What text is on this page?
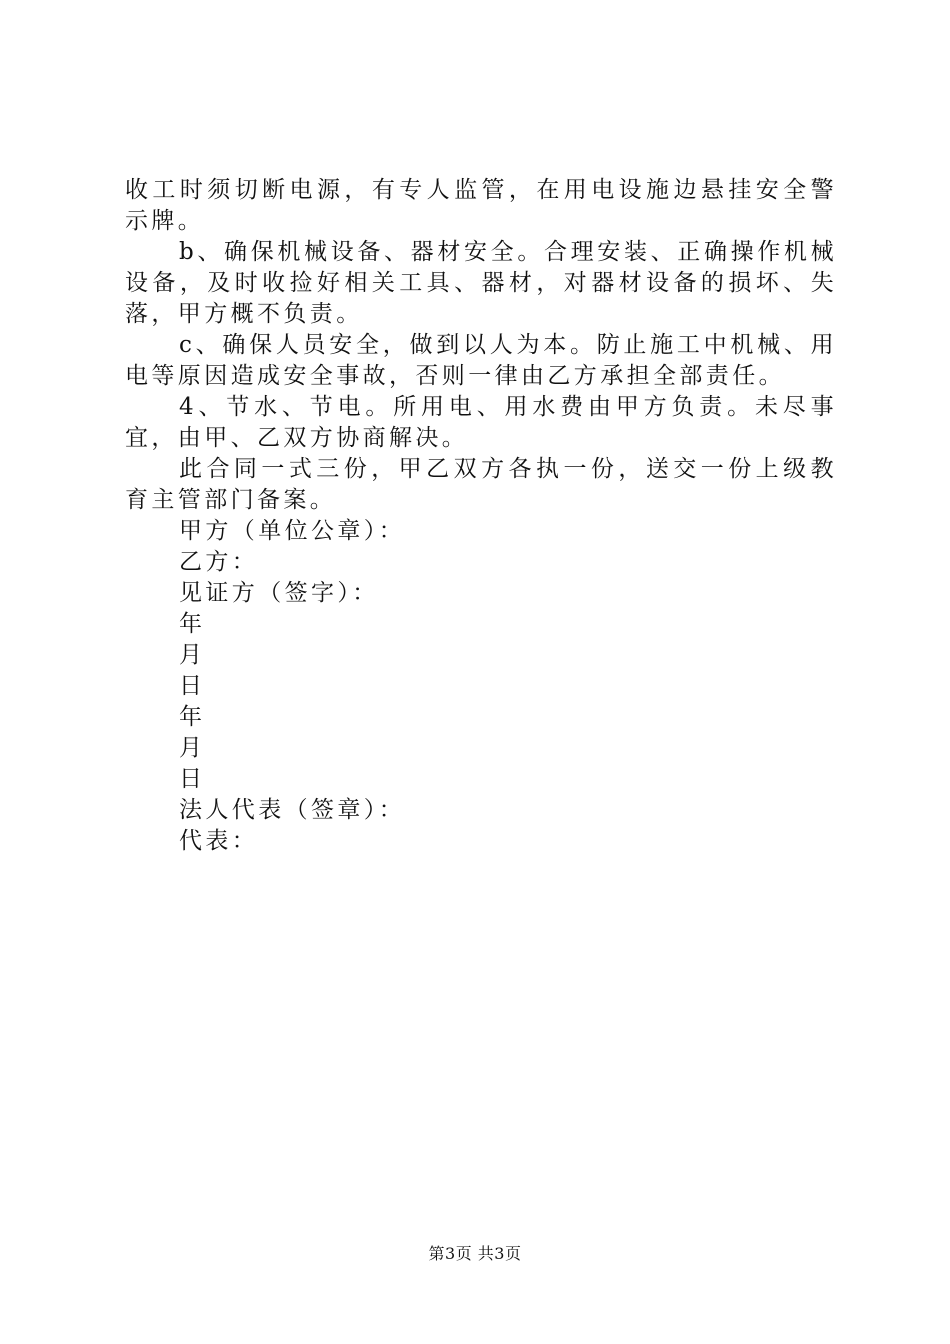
收工时须切断电源，有专人监管，在用电设施边悬挂安全警示牌。

b、确保机械设备、器材安全。合理安装、正确操作机械设备，及时收捡好相关工具、器材，对器材设备的损坏、失落，甲方概不负责。

c、确保人员安全，做到以人为本。防止施工中机械、用电等原因造成安全事故，否则一律由乙方承担全部责任。

4、节水、节电。所用电、用水费由甲方负责。未尽事宜，由甲、乙双方协商解决。

此合同一式三份，甲乙双方各执一份，送交一份上级教育主管部门备案。

甲方（单位公章）：

乙方：

见证方（签字）：

年

月

日

年

月

日

法人代表（签章）：

代表：

第3页 共3页
